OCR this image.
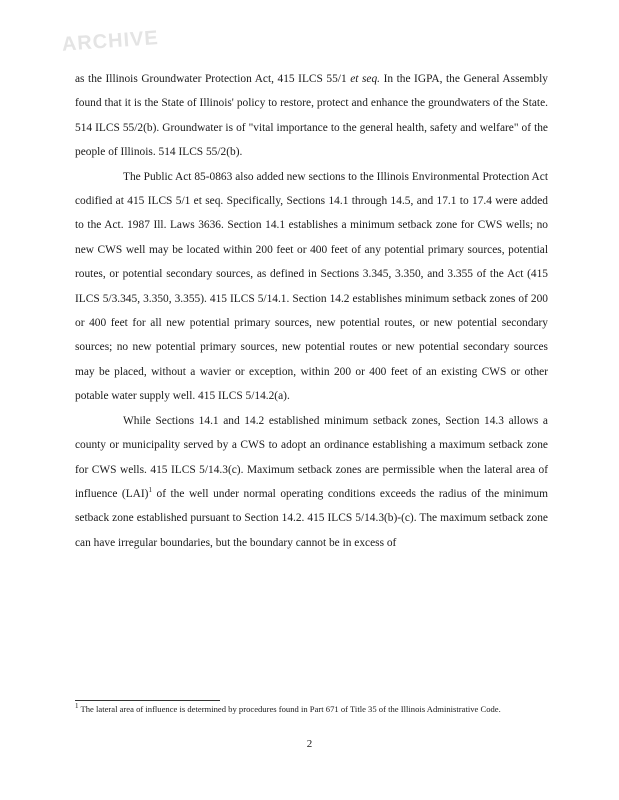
ARCHIVE

as the Illinois Groundwater Protection Act, 415 ILCS 55/1 et seq. In the IGPA, the General Assembly found that it is the State of Illinois' policy to restore, protect and enhance the groundwaters of the State. 514 ILCS 55/2(b). Groundwater is of "vital importance to the general health, safety and welfare" of the people of Illinois. 514 ILCS 55/2(b).

The Public Act 85-0863 also added new sections to the Illinois Environmental Protection Act codified at 415 ILCS 5/1 et seq. Specifically, Sections 14.1 through 14.5, and 17.1 to 17.4 were added to the Act. 1987 Ill. Laws 3636. Section 14.1 establishes a minimum setback zone for CWS wells; no new CWS well may be located within 200 feet or 400 feet of any potential primary sources, potential routes, or potential secondary sources, as defined in Sections 3.345, 3.350, and 3.355 of the Act (415 ILCS 5/3.345, 3.350, 3.355). 415 ILCS 5/14.1. Section 14.2 establishes minimum setback zones of 200 or 400 feet for all new potential primary sources, new potential routes, or new potential secondary sources; no new potential primary sources, new potential routes or new potential secondary sources may be placed, without a wavier or exception, within 200 or 400 feet of an existing CWS or other potable water supply well. 415 ILCS 5/14.2(a).

While Sections 14.1 and 14.2 established minimum setback zones, Section 14.3 allows a county or municipality served by a CWS to adopt an ordinance establishing a maximum setback zone for CWS wells. 415 ILCS 5/14.3(c). Maximum setback zones are permissible when the lateral area of influence (LAI)$^1$ of the well under normal operating conditions exceeds the radius of the minimum setback zone established pursuant to Section 14.2. 415 ILCS 5/14.3(b)-(c). The maximum setback zone can have irregular boundaries, but the boundary cannot be in excess of

$^1$ The lateral area of influence is determined by procedures found in Part 671 of Title 35 of the Illinois Administrative Code.
2
